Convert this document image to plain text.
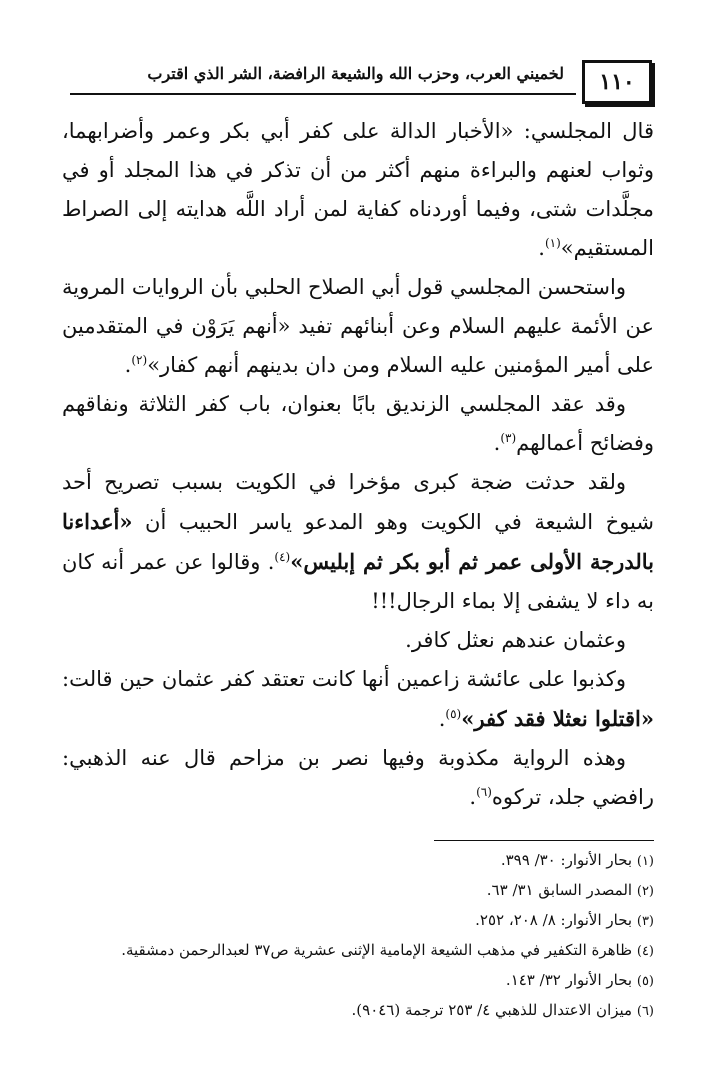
لخميني العرب، وحزب الله والشيعة الرافضة، الشر الذي اقترب	١١٠

قال المجلسي: «الأخبار الدالة على كفر أبي بكر وعمر وأضرابهما، وثواب لعنهم والبراءة منهم أكثر من أن تذكر في هذا المجلد أو في مجلَّدات شتى، وفيما أوردناه كفاية لمن أراد اللَّه هدايته إلى الصراط المستقيم»$^{(١)}$.

واستحسن المجلسي قول أبي الصلاح الحلبي بأن الروايات المروية عن الأئمة عليهم السلام وعن أبنائهم تفيد «أنهم يَرَوْن في المتقدمين على أمير المؤمنين عليه السلام ومن دان بدينهم أنهم كفار»$^{(٢)}$.

وقد عقد المجلسي الزنديق بابًا بعنوان، باب كفر الثلاثة ونفاقهم وفضائح أعمالهم$^{(٣)}$.

ولقد حدثت ضجة كبرى مؤخرا في الكويت بسبب تصريح أحد شيوخ الشيعة في الكويت وهو المدعو ياسر الحبيب أن «أعداءنا بالدرجة الأولى عمر ثم أبو بكر ثم إبليس»$^{(٤)}$. وقالوا عن عمر أنه كان به داء لا يشفى إلا بماء الرجال!!!

وعثمان عندهم نعثل كافر.

وكذبوا على عائشة زاعمين أنها كانت تعتقد كفر عثمان حين قالت: «اقتلوا نعثلا فقد كفر»$^{(٥)}$.

وهذه الرواية مكذوبة وفيها نصر بن مزاحم قال عنه الذهبي: رافضي جلد، تركوه$^{(٦)}$.

(١) بحار الأنوار: ٣٠/ ٣٩٩.
(٢) المصدر السابق ٣١/ ٦٣.
(٣) بحار الأنوار: ٨/ ٢٠٨، ٢٥٢.
(٤) ظاهرة التكفير في مذهب الشيعة الإمامية الإثنى عشرية ص٣٧ لعبدالرحمن دمشقية.
(٥) بحار الأنوار ٣٢/ ١٤٣.
(٦) ميزان الاعتدال للذهبي ٤/ ٢٥٣ ترجمة (٩٠٤٦).
